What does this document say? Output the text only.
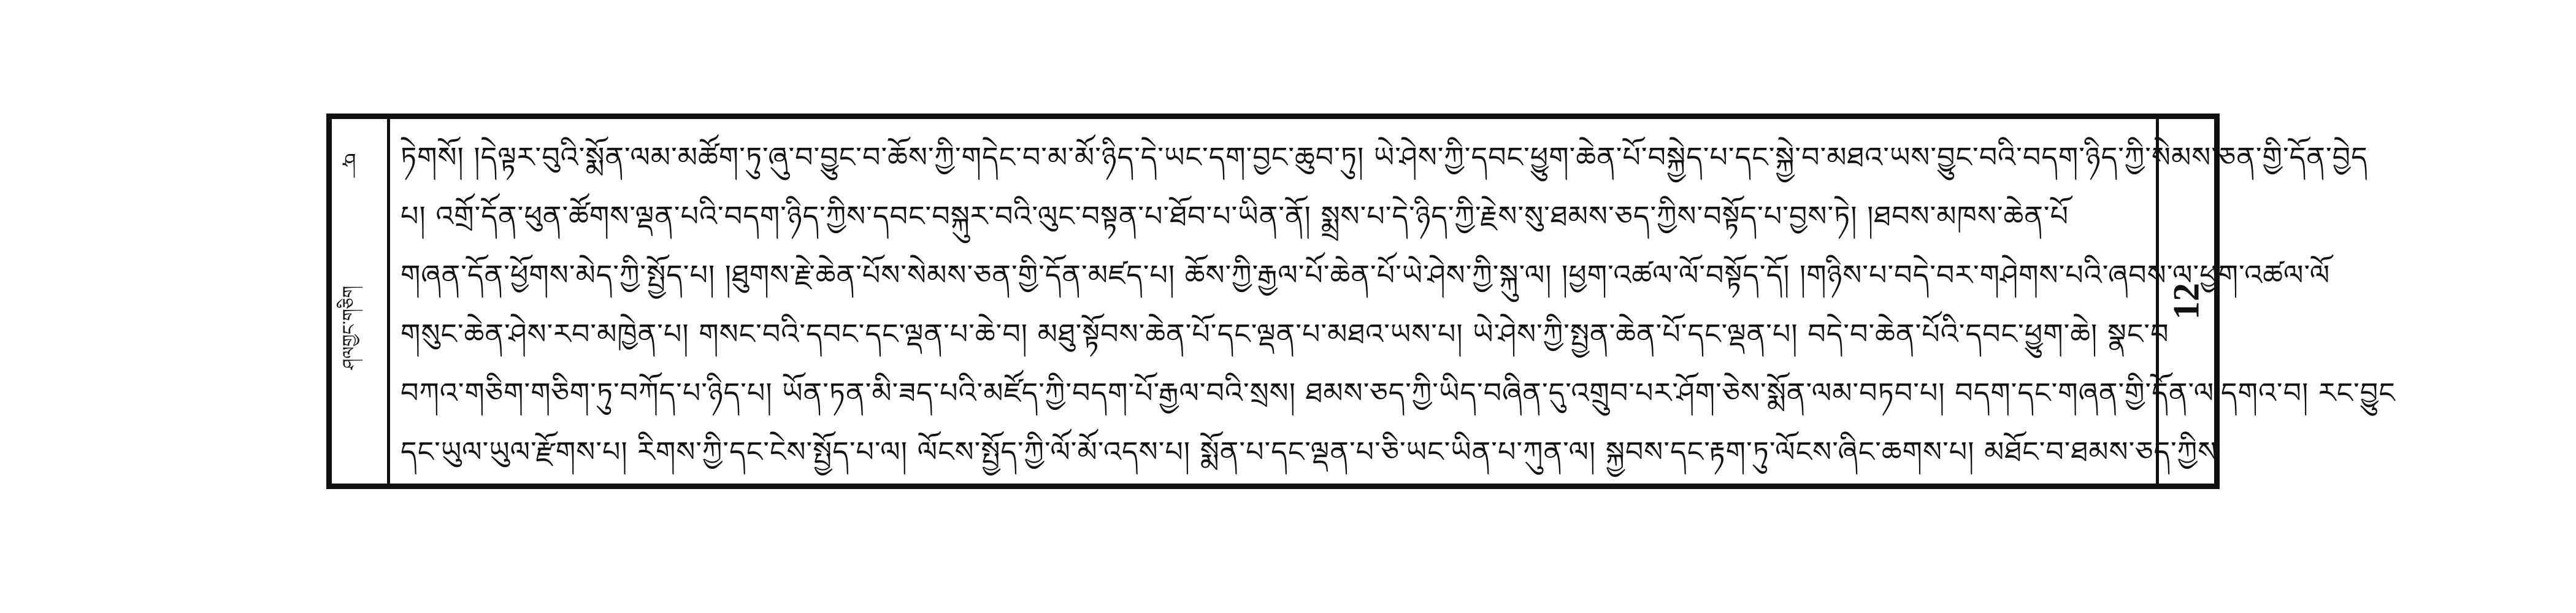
ཤ
ཤལགྱང་གཅིག
ཏེགསོ། །དེལྟར་བུའི་སྨོན་ལམ་མཚོག་ཏུ་ཞུ་བ་བྱུང་བ་ཆོས་ཀྱི་གདེང་བ་མ་མོ་ཉིད་དེ་ཡང་དག་བྱང་ཆུབ་ཏུ། ཡེ་ཤེས་ཀྱི་དབང་ཕྱུག་ཆེན་པོ་བསྐྱེད་པ་དང་སྐྱེ་བ་མཐའ་ཡས་བྱུང་བའི་བདག་ཉིད་ཀྱི་སེམས་ཅན་གྱི་དོན་བྱེད
པ། འགྲོ་དོན་ཕུན་ཚོགས་ལྡན་པའི་བདག་ཉིད་ཀྱིས་དབང་བསྐུར་བའི་ལུང་བསྟན་པ་ཐོབ་པ་ཡིན་ནོ། སྨྲས་པ་དེ་ཉིད་ཀྱི་རྗེས་སུ་ཐམས་ཅད་ཀྱིས་བསྟོད་པ་བྱས་ཏེ། །ཐབས་མཁས་ཆེན་པོ
གཞན་དོན་ཕྱོགས་མེད་ཀྱི་སྤྱོད་པ། །ཐུགས་རྗེ་ཆེན་པོས་སེམས་ཅན་གྱི་དོན་མཛད་པ། ཆོས་ཀྱི་རྒྱལ་པོ་ཆེན་པོ་ཡེ་ཤེས་ཀྱི་སྐུ་ལ། །ཕྱག་འཚལ་ལོ་བསྟོད་དོ། །གཉིས་པ་བདེ་བར་གཤེགས་པའི་ཞབས་ལ་ཕྱག་འཚལ་ལོ
གསུང་ཆེན་ཤེས་རབ་མཁྱེན་པ། གསང་བའི་དབང་དང་ལྡན་པ་ཆེ་བ། མཐུ་སྟོབས་ཆེན་པོ་དང་ལྡན་པ་མཐའ་ཡས་པ། ཡེ་ཤེས་ཀྱི་སྤྱན་ཆེན་པོ་དང་ལྡན་པ། བདེ་བ་ཆེན་པོའི་དབང་ཕྱུག་ཆེ། སྣང་བ
བཀའ་གཅིག་གཅིག་ཏུ་བཀོད་པ་ཉིད་པ། ཡོན་ཏན་མི་ཟད་པའི་མཛོད་ཀྱི་བདག་པོ་རྒྱལ་བའི་སྲས། ཐམས་ཅད་ཀྱི་ཡིད་བཞིན་དུ་འགྲུབ་པར་ཤོག་ཅེས་སྨོན་ལམ་བཏབ་པ། བདག་དང་གཞན་གྱི་དོན་ལ་དགའ་བ། རང་བྱུང
དང་ཡུལ་ཡུལ་རྫོགས་པ། རིགས་ཀྱི་དང་ངེས་སྤྱོད་པ་ལ། ལོངས་སྤྱོད་ཀྱི་ལོ་མོ་འདས་པ། སྨོན་པ་དང་ལྡན་པ་ཅི་ཡང་ཡིན་པ་ཀུན་ལ། སྐྱབས་དང་རྟག་ཏུ་ལོངས་ཞིང་ཆགས་པ། མཐོང་བ་ཐམས་ཅད་ཀྱིས
12
